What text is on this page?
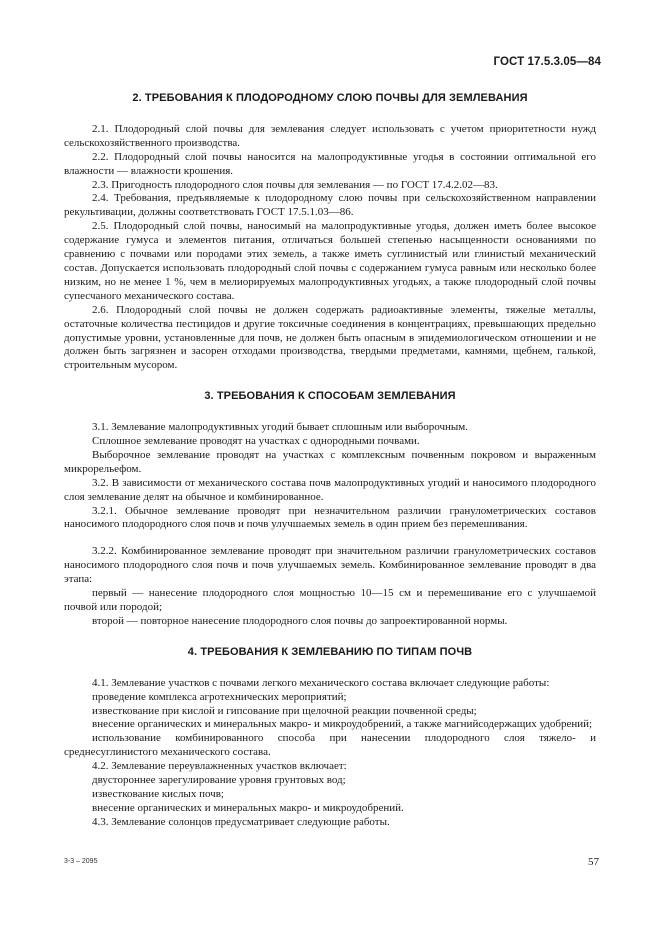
ГОСТ 17.5.3.05—84
2. ТРЕБОВАНИЯ К ПЛОДОРОДНОМУ СЛОЮ ПОЧВЫ ДЛЯ ЗЕМЛЕВАНИЯ

2.1. Плодородный слой почвы для землевания следует использовать с учетом приоритетности нужд сельскохозяйственного производства.

2.2. Плодородный слой почвы наносится на малопродуктивные угодья в состоянии оптимальной его влажности — влажности крошения.

2.3. Пригодность плодородного слоя почвы для землевания — по ГОСТ 17.4.2.02—83.

2.4. Требования, предъявляемые к плодородному слою почвы при сельскохозяйственном направлении рекультивации, должны соответствовать ГОСТ 17.5.1.03—86.

2.5. Плодородный слой почвы, наносимый на малопродуктивные угодья, должен иметь более высокое содержание гумуса и элементов питания, отличаться большей степенью насыщенности основаниями по сравнению с почвами или породами этих земель, а также иметь суглинистый или глинистый механический состав. Допускается использовать плодородный слой почвы с содержанием гумуса равным или несколько более низким, но не менее 1 %, чем в мелиорируемых малопродуктивных угодьях, а также плодородный слой почвы супесчаного механического состава.

2.6. Плодородный слой почвы не должен содержать радиоактивные элементы, тяжелые металлы, остаточные количества пестицидов и другие токсичные соединения в концентрациях, превышающих предельно допустимые уровни, установленные для почв, не должен быть опасным в эпидемиологическом отношении и не должен быть загрязнен и засорен отходами производства, твердыми предметами, камнями, щебнем, галькой, строительным мусором.

3. ТРЕБОВАНИЯ К СПОСОБАМ ЗЕМЛЕВАНИЯ

3.1. Землевание малопродуктивных угодий бывает сплошным или выборочным.

Сплошное землевание проводят на участках с однородными почвами.

Выборочное землевание проводят на участках с комплексным почвенным покровом и выраженным микрорельефом.

3.2. В зависимости от механического состава почв малопродуктивных угодий и наносимого плодородного слоя землевание делят на обычное и комбинированное.

3.2.1. Обычное землевание проводят при незначительном различии гранулометрических составов наносимого плодородного слоя почв и почв улучшаемых земель в один прием без перемешивания.

3.2.2. Комбинированное землевание проводят при значительном различии гранулометрических составов наносимого плодородного слоя почв и почв улучшаемых земель. Комбинированное землевание проводят в два этапа:

первый — нанесение плодородного слоя мощностью 10—15 см и перемешивание его с улучшаемой почвой или породой;

второй — повторное нанесение плодородного слоя почвы до запроектированной нормы.

4. ТРЕБОВАНИЯ К ЗЕМЛЕВАНИЮ ПО ТИПАМ ПОЧВ

4.1. Землевание участков с почвами легкого механического состава включает следующие работы:

проведение комплекса агротехнических мероприятий;

известкование при кислой и гипсование при щелочной реакции почвенной среды;

внесение органических и минеральных макро- и микроудобрений, а также магнийсодержащих удобрений;

использование комбинированного способа при нанесении плодородного слоя тяжело- и среднесуглинистого механического состава.

4.2. Землевание переувлажненных участков включает:

двустороннее зарегулирование уровня грунтовых вод;

известкование кислых почв;

внесение органических и минеральных макро- и микроудобрений.

4.3. Землевание солонцов предусматривает следующие работы.

3-3 – 2095	57
